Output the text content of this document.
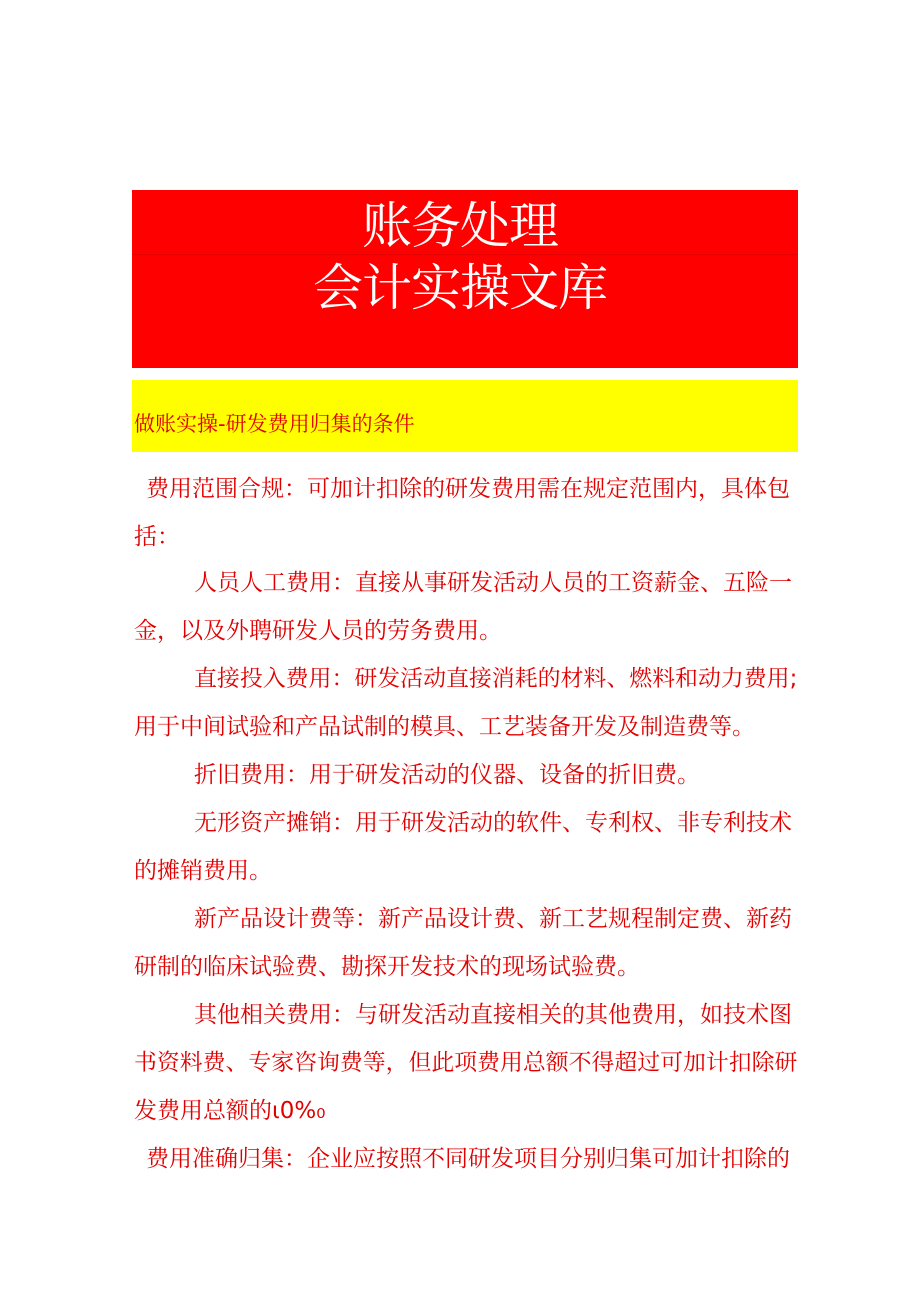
账务处理
会计实操文库
做账实操-研发费用归集的条件
费用范围合规：可加计扣除的研发费用需在规定范围内，具体包
括：
人员人工费用：直接从事研发活动人员的工资薪金、五险一
金，以及外聘研发人员的劳务费用。
直接投入费用：研发活动直接消耗的材料、燃料和动力费用;
用于中间试验和产品试制的模具、工艺装备开发及制造费等。
折旧费用：用于研发活动的仪器、设备的折旧费。
无形资产摊销：用于研发活动的软件、专利权、非专利技术
的摊销费用。
新产品设计费等：新产品设计费、新工艺规程制定费、新药
研制的临床试验费、勘探开发技术的现场试验费。
其他相关费用：与研发活动直接相关的其他费用，如技术图
书资料费、专家咨询费等，但此项费用总额不得超过可加计扣除研
发费用总额的ι0%₀
费用准确归集：企业应按照不同研发项目分别归集可加计扣除的
